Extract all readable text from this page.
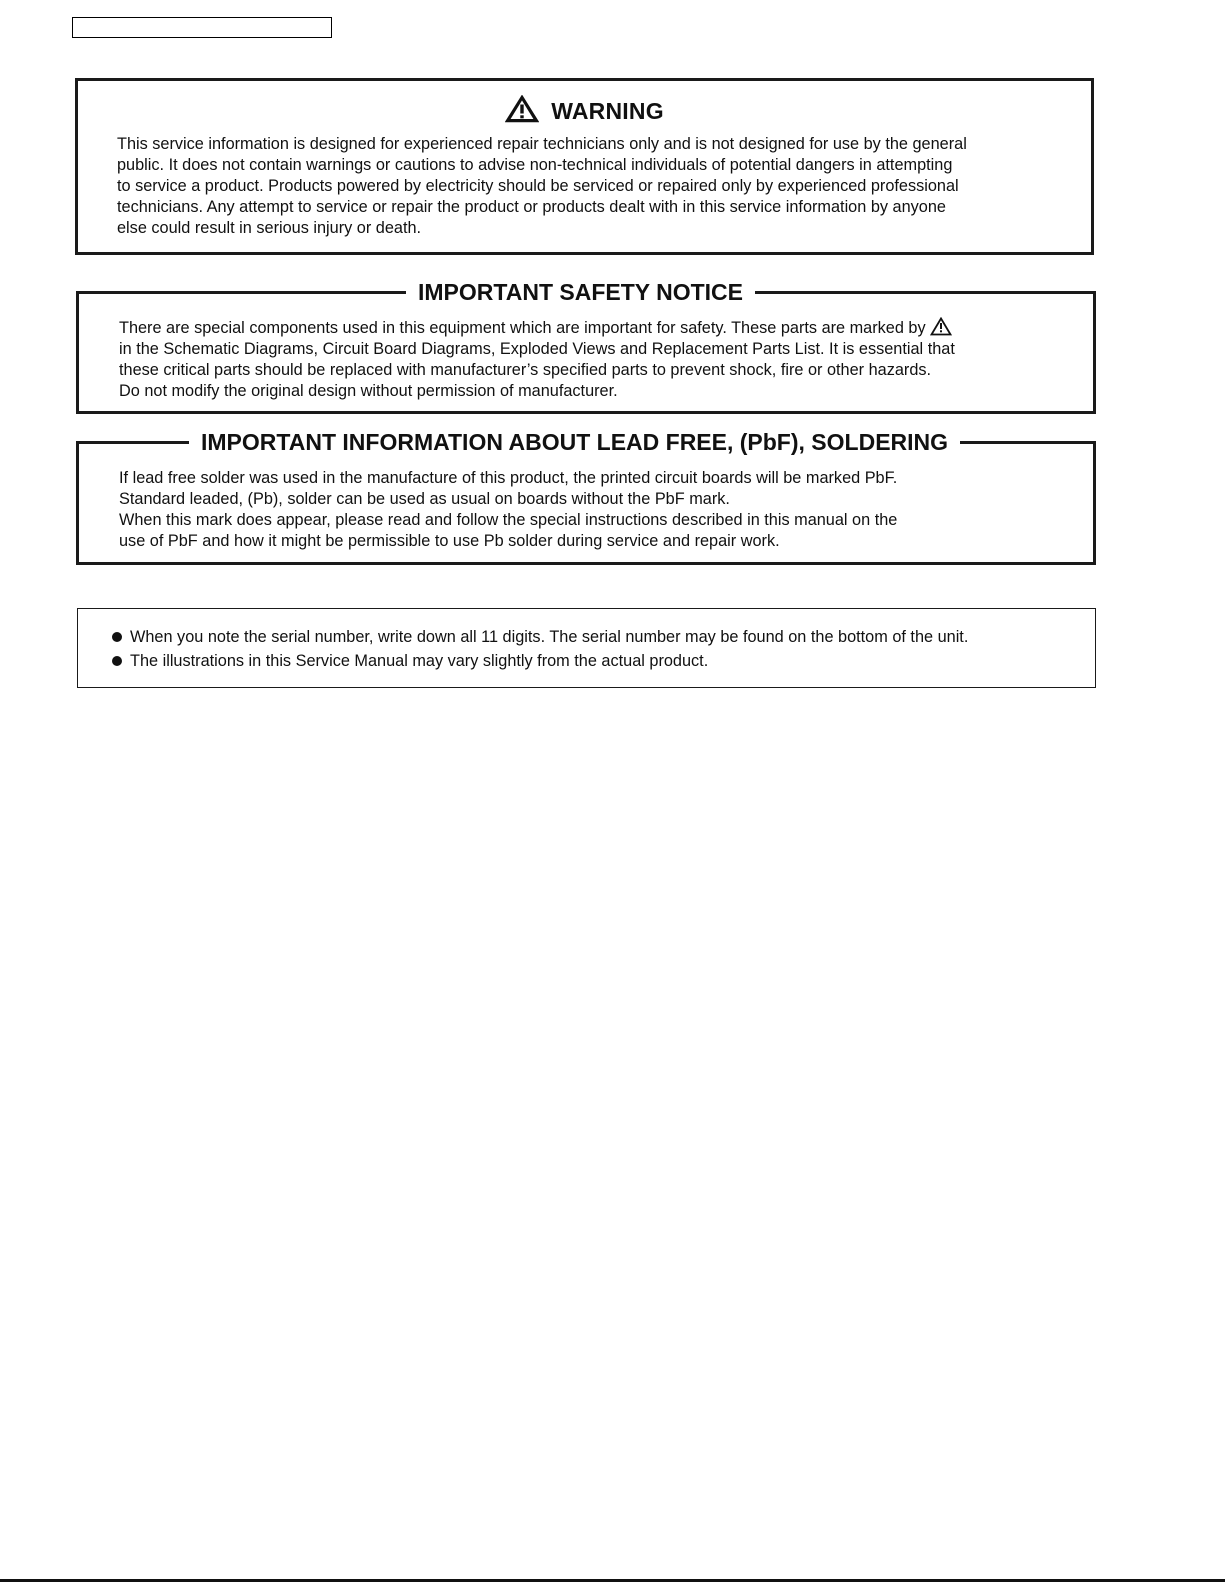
WARNING
This service information is designed for experienced repair technicians only and is not designed for use by the general
public. It does not contain warnings or cautions to advise non-technical individuals of potential dangers in attempting
to service a product. Products powered by electricity should be serviced or repaired only by experienced professional
technicians. Any attempt to service or repair the product or products dealt with in this service information by anyone
else could result in serious injury or death.
IMPORTANT SAFETY NOTICE
There are special components used in this equipment which are important for safety. These parts are marked by
in the Schematic Diagrams, Circuit Board Diagrams, Exploded Views and Replacement Parts List. It is essential that
these critical parts should be replaced with manufacturer’s specified parts to prevent shock, fire or other hazards.
Do not modify the original design without permission of manufacturer.
IMPORTANT INFORMATION ABOUT LEAD FREE, (PbF), SOLDERING
If lead free solder was used in the manufacture of this product, the printed circuit boards will be marked PbF.
Standard leaded, (Pb), solder can be used as usual on boards without the PbF mark.
When this mark does appear, please read and follow the special instructions described in this manual on the
use of PbF and how it might be permissible to use Pb solder during service and repair work.
When you note the serial number, write down all 11 digits. The serial number may be found on the bottom of the unit.
The illustrations in this Service Manual may vary slightly from the actual product.
